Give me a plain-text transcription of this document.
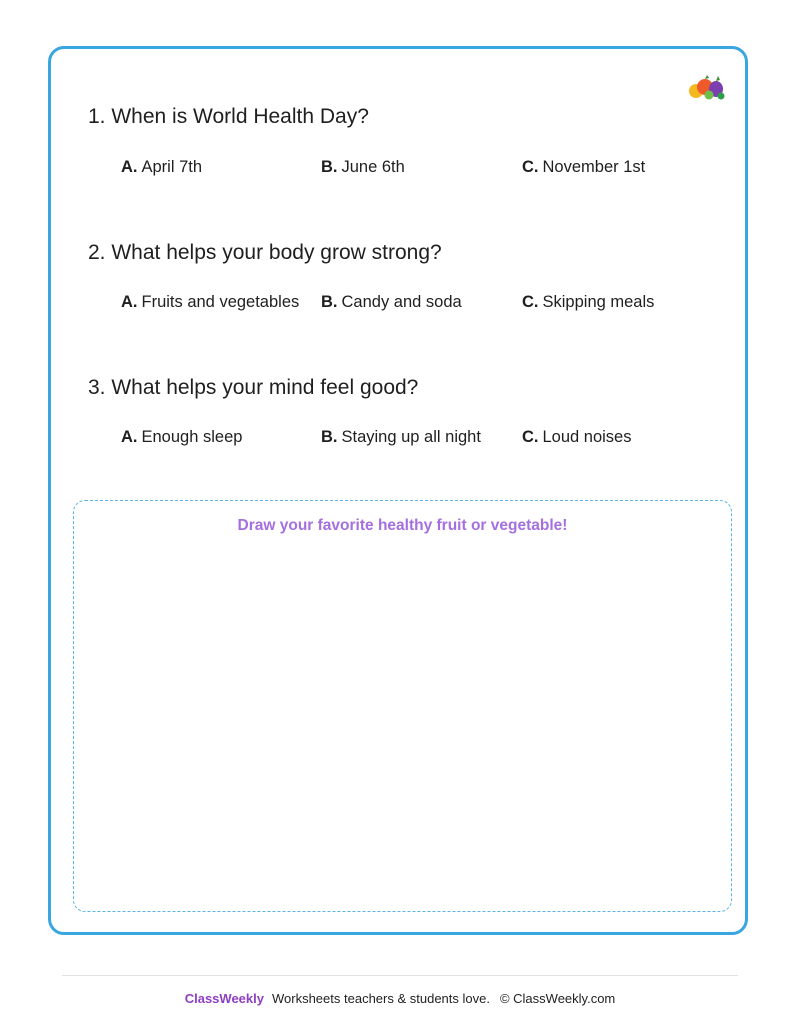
1. When is World Health Day?
A. April 7th	B. June 6th	C. November 1st
2. What helps your body grow strong?
A. Fruits and vegetables B. Candy and soda	C. Skipping meals
3. What helps your mind feel good?
A. Enough sleep	B. Staying up all night C. Loud noises
Draw your favorite healthy fruit or vegetable!
ClassWeekly Worksheets teachers & students love. © ClassWeekly.com
